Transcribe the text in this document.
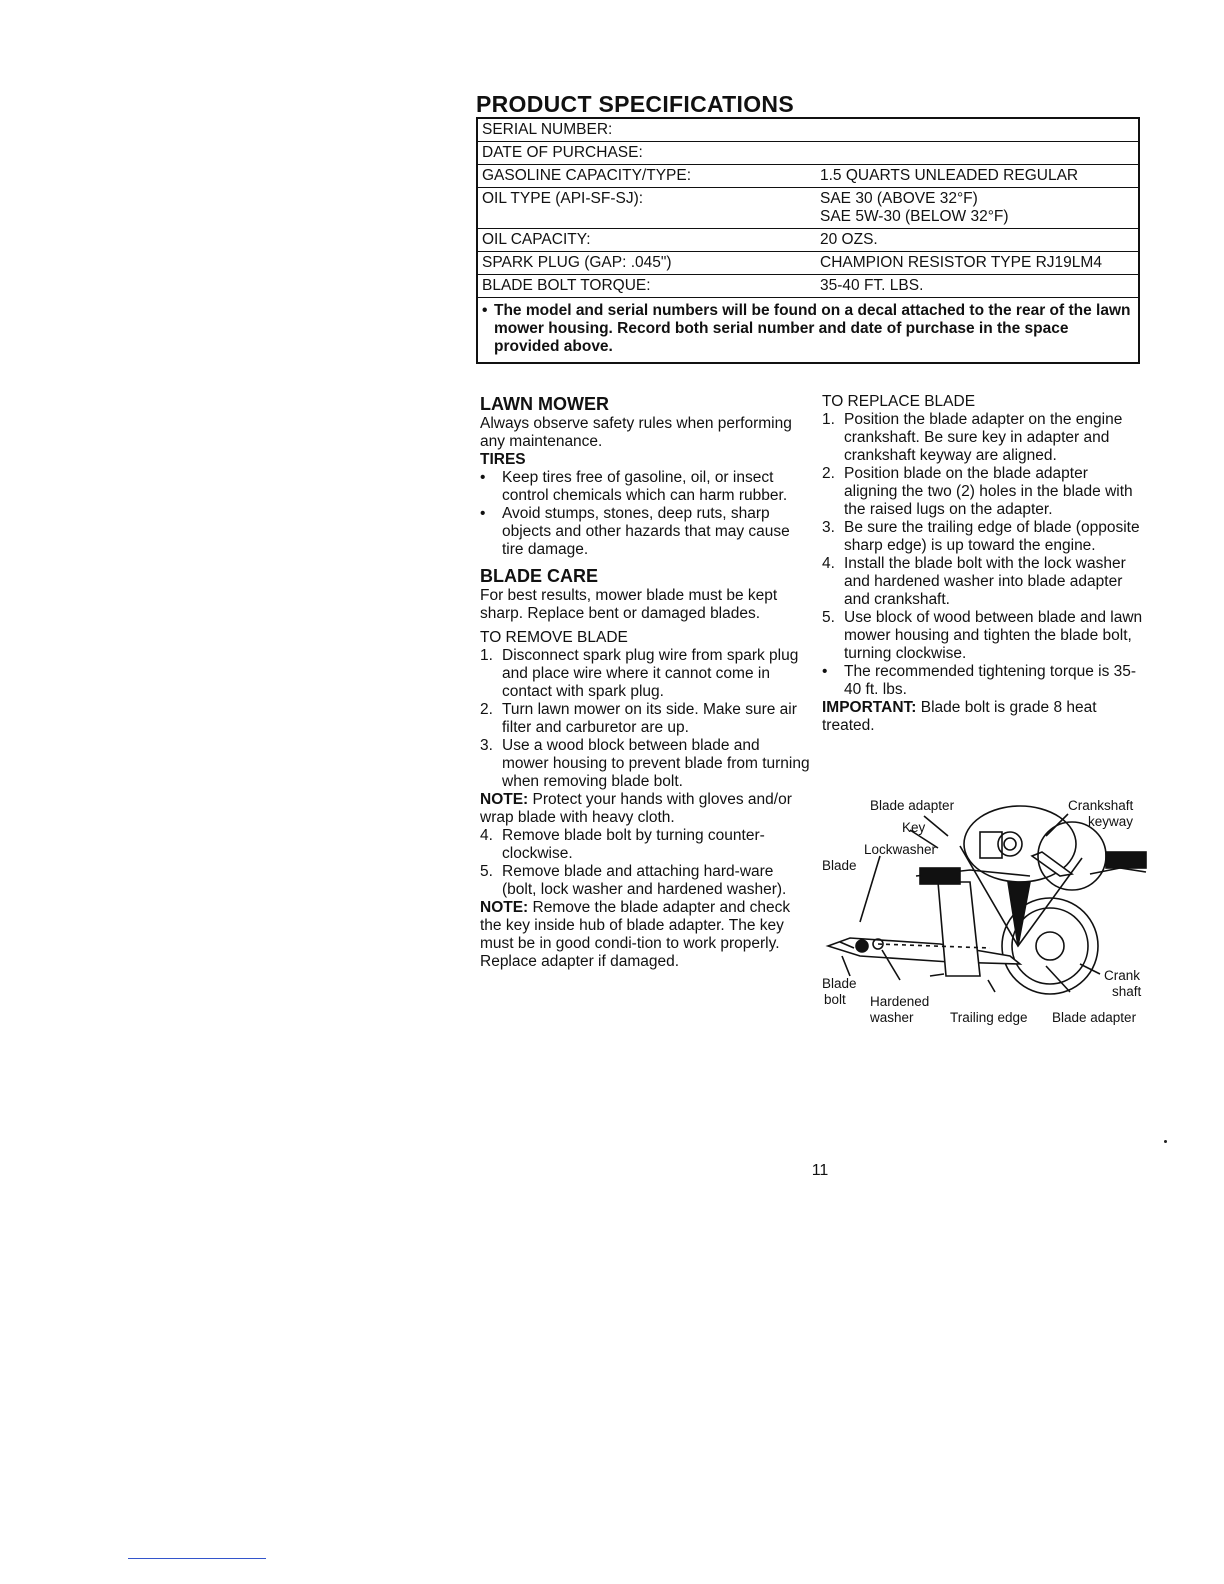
PRODUCT SPECIFICATIONS
SERIAL NUMBER:

DATE OF PURCHASE:

GASOLINE CAPACITY/TYPE:	1.5 QUARTS UNLEADED REGULAR
OIL TYPE (API-SF-SJ):	SAE 30 (ABOVE 32°F)
SAE 5W-30 (BELOW 32°F)
OIL CAPACITY:	20 OZS.
SPARK PLUG (GAP: .045")	CHAMPION RESISTOR TYPE RJ19LM4
BLADE BOLT TORQUE:	35-40 FT. LBS.
• The model and serial numbers will be found on a decal attached to the rear of the lawn mower housing. Record both serial number and date of purchase in the space provided above.
LAWN MOWER

Always observe safety rules when performing any maintenance.

TIRES
•	Keep tires free of gasoline, oil, or insect control chemicals which can harm rubber.
•	Avoid stumps, stones, deep ruts, sharp objects and other hazards that may cause tire damage.
BLADE CARE

For best results, mower blade must be kept sharp. Replace bent or damaged blades.

TO REMOVE BLADE

1. Disconnect spark plug wire from spark plug and place wire where it cannot come in contact with spark plug.
2. Turn lawn mower on its side. Make sure air filter and carburetor are up.
3. Use a wood block between blade and mower housing to prevent blade from turning when removing blade bolt.

NOTE: Protect your hands with gloves and/or wrap blade with heavy cloth.

4. Remove blade bolt by turning counter-clockwise.
5. Remove blade and attaching hard-ware (bolt, lock washer and hardened washer).

NOTE: Remove the blade adapter and check the key inside hub of blade adapter. The key must be in good condi-tion to work properly. Replace adapter if damaged.

TO REPLACE BLADE

1. Position the blade adapter on the engine crankshaft. Be sure key in adapter and crankshaft keyway are aligned.
2. Position blade on the blade adapter aligning the two (2) holes in the blade with the raised lugs on the adapter.
3. Be sure the trailing edge of blade (opposite sharp edge) is up toward the engine.
4. Install the blade bolt with the lock washer and hardened washer into blade adapter and crankshaft.
5. Use block of wood between blade and lawn mower housing and tighten the blade bolt, turning clockwise.
•	The recommended tightening torque is 35-40 ft. lbs.

IMPORTANT: Blade bolt is grade 8 heat treated.

Blade adapter	Crankshaft
keyway
Key
Lockwasher
Blade
Blade
bolt Hardened
washer	Trailing edge Blade adapter
Crank
shaft
11
